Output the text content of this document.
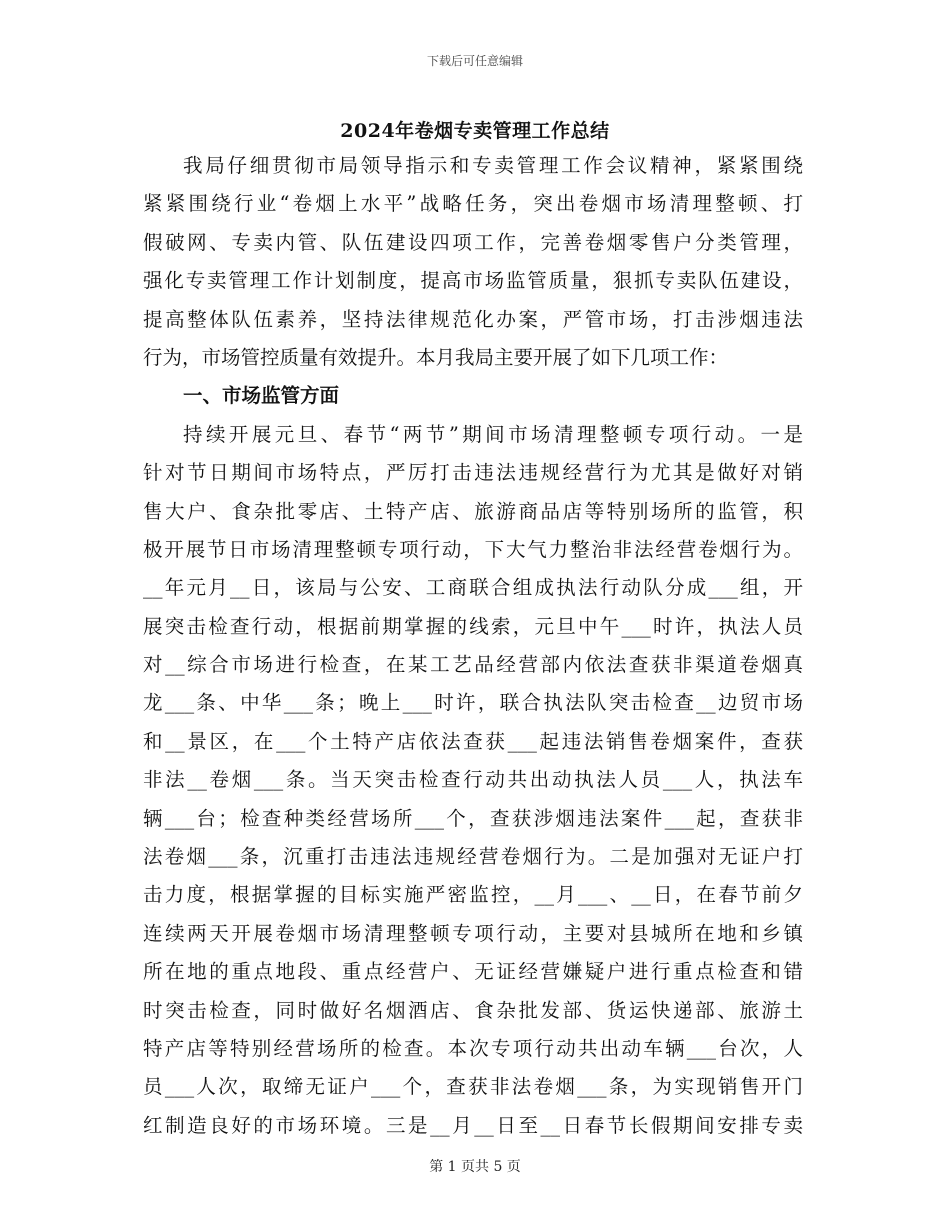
下载后可任意编辑
2024年卷烟专卖管理工作总结
我局仔细贯彻市局领导指示和专卖管理工作会议精神，紧紧围绕
紧紧围绕行业“卷烟上水平”战略任务，突出卷烟市场清理整顿、打
假破网、专卖内管、队伍建设四项工作，完善卷烟零售户分类管理，
强化专卖管理工作计划制度，提高市场监管质量，狠抓专卖队伍建设，
提高整体队伍素养，坚持法律规范化办案，严管市场，打击涉烟违法
行为，市场管控质量有效提升。本月我局主要开展了如下几项工作：
一、市场监管方面
持续开展元旦、春节“两节”期间市场清理整顿专项行动。一是
针对节日期间市场特点，严厉打击违法违规经营行为尤其是做好对销
售大户、食杂批零店、土特产店、旅游商品店等特别场所的监管，积
极开展节日市场清理整顿专项行动，下大气力整治非法经营卷烟行为。
__年元月__日，该局与公安、工商联合组成执法行动队分成___组，开
展突击检查行动，根据前期掌握的线索，元旦中午___时许，执法人员
对__综合市场进行检查，在某工艺品经营部内依法查获非渠道卷烟真
龙___条、中华___条；晚上___时许，联合执法队突击检查__边贸市场
和__景区，在___个土特产店依法查获___起违法销售卷烟案件，查获
非法__卷烟___条。当天突击检查行动共出动执法人员___人，执法车
辆___台；检查种类经营场所___个，查获涉烟违法案件___起，查获非
法卷烟___条，沉重打击违法违规经营卷烟行为。二是加强对无证户打
击力度，根据掌握的目标实施严密监控，__月___、__日，在春节前夕
连续两天开展卷烟市场清理整顿专项行动，主要对县城所在地和乡镇
所在地的重点地段、重点经营户、无证经营嫌疑户进行重点检查和错
时突击检查，同时做好名烟酒店、食杂批发部、货运快递部、旅游土
特产店等特别经营场所的检查。本次专项行动共出动车辆___台次，人
员___人次，取缔无证户___个，查获非法卷烟___条，为实现销售开门
红制造良好的市场环境。三是__月__日至__日春节长假期间安排专卖
第 1 页共 5 页
